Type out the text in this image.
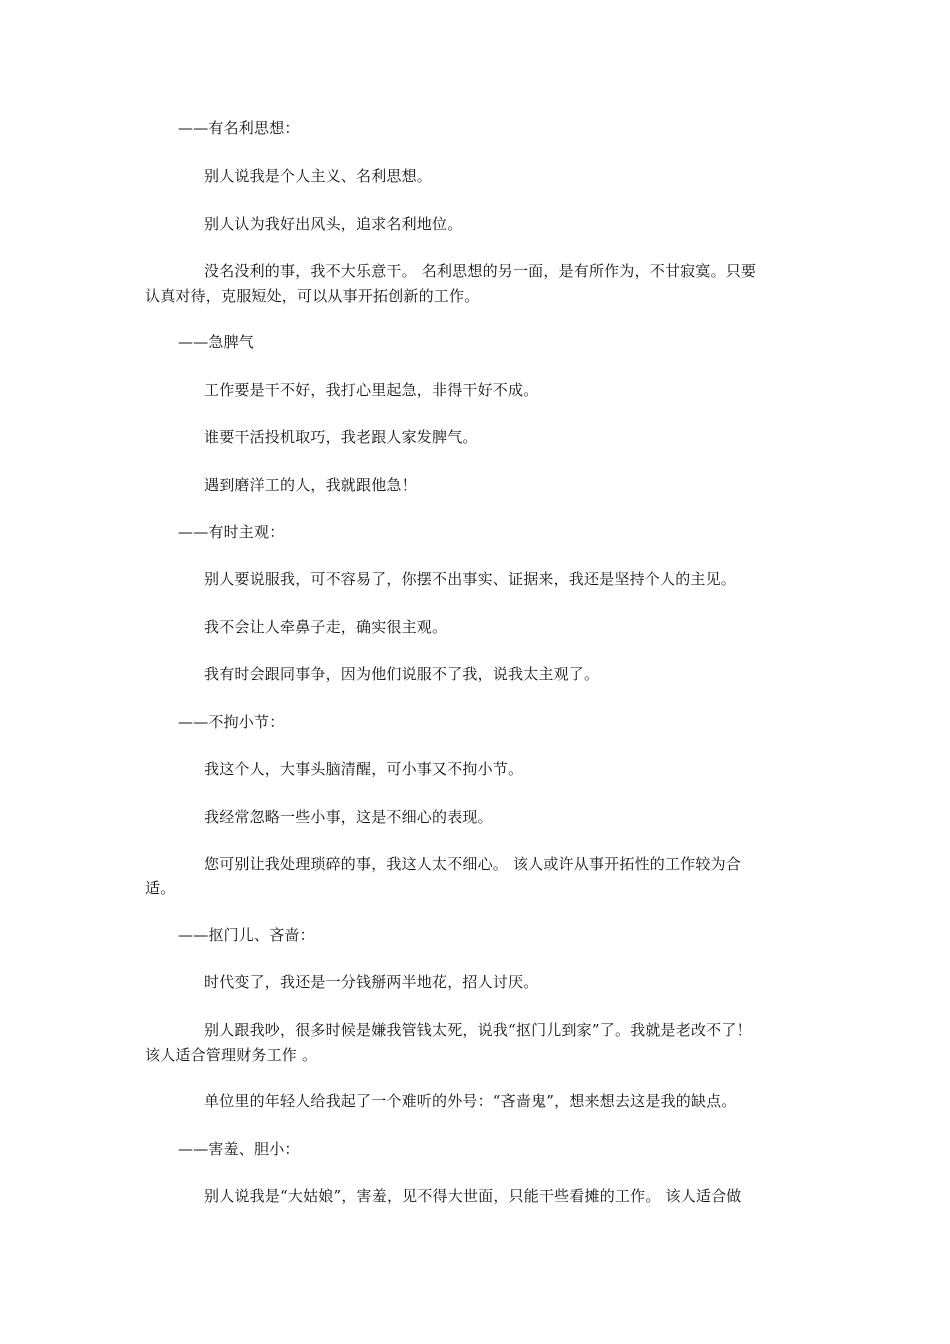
——有名利思想：
别人说我是个人主义、名利思想。
别人认为我好出风头，追求名利地位。
没名没利的事，我不大乐意干。 名利思想的另一面，是有所作为，不甘寂寞。只要
认真对待，克服短处，可以从事开拓创新的工作。
——急脾气
工作要是干不好，我打心里起急，非得干好不成。
谁要干活投机取巧，我老跟人家发脾气。
遇到磨洋工的人，我就跟他急！
——有时主观：
别人要说服我，可不容易了，你摆不出事实、证据来，我还是坚持个人的主见。
我不会让人牵鼻子走，确实很主观。
我有时会跟同事争，因为他们说服不了我，说我太主观了。
——不拘小节：
我这个人，大事头脑清醒，可小事又不拘小节。
我经常忽略一些小事，这是不细心的表现。
您可别让我处理琐碎的事，我这人太不细心。 该人或许从事开拓性的工作较为合
适。
——抠门儿、吝啬：
时代变了，我还是一分钱掰两半地花，招人讨厌。
别人跟我吵，很多时候是嫌我管钱太死，说我“抠门儿到家”了。我就是老改不了！
该人适合管理财务工作 。
单位里的年轻人给我起了一个难听的外号：“吝啬鬼”，想来想去这是我的缺点。
——害羞、胆小：
别人说我是“大姑娘”，害羞，见不得大世面，只能干些看摊的工作。 该人适合做
